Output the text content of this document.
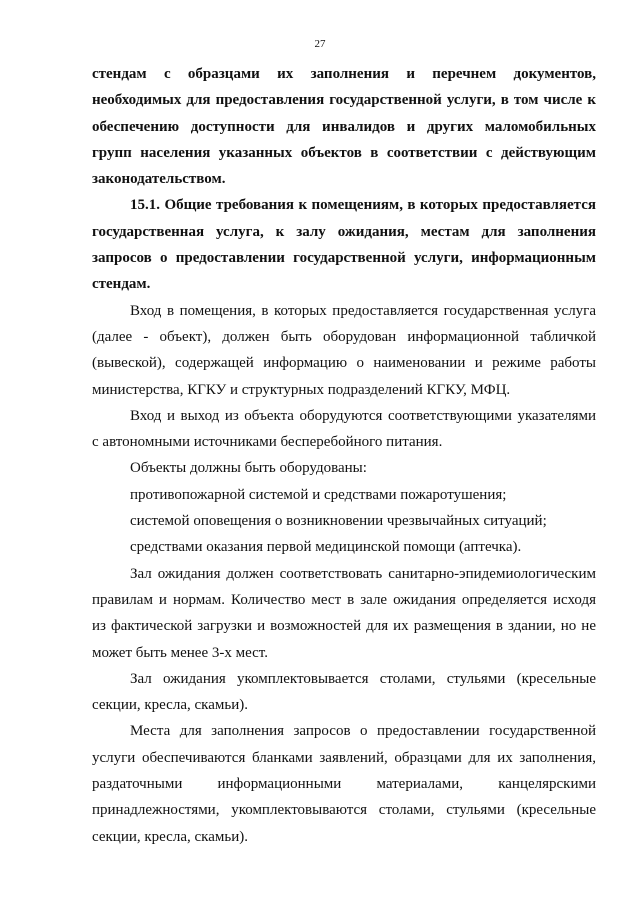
27
стендам с образцами их заполнения и перечнем документов,
необходимых для предоставления государственной услуги, в том числе к
обеспечению доступности для инвалидов и других маломобильных
групп населения указанных объектов в соответствии с действующим
законодательством.
15.1. Общие требования к помещениям, в которых предоставляется
государственная услуга, к залу ожидания, местам для заполнения
запросов о предоставлении государственной услуги, информационным
стендам.
Вход в помещения, в которых предоставляется государственная услуга
(далее - объект), должен быть оборудован информационной табличкой
(вывеской), содержащей информацию о наименовании и режиме работы
министерства, КГКУ и структурных подразделений КГКУ, МФЦ.
Вход и выход из объекта оборудуются соответствующими указателями
с автономными источниками бесперебойного питания.
Объекты должны быть оборудованы:
противопожарной системой и средствами пожаротушения;
системой оповещения о возникновении чрезвычайных ситуаций;
средствами оказания первой медицинской помощи (аптечка).
Зал ожидания должен соответствовать санитарно-эпидемиологическим
правилам и нормам. Количество мест в зале ожидания определяется исходя
из фактической загрузки и возможностей для их размещения в здании, но не
может быть менее 3-х мест.
Зал ожидания укомплектовывается столами, стульями (кресельные
секции, кресла, скамьи).
Места для заполнения запросов о предоставлении государственной
услуги обеспечиваются бланками заявлений, образцами для их заполнения,
раздаточными информационными материалами, канцелярскими
принадлежностями, укомплектовываются столами, стульями (кресельные
секции, кресла, скамьи).
